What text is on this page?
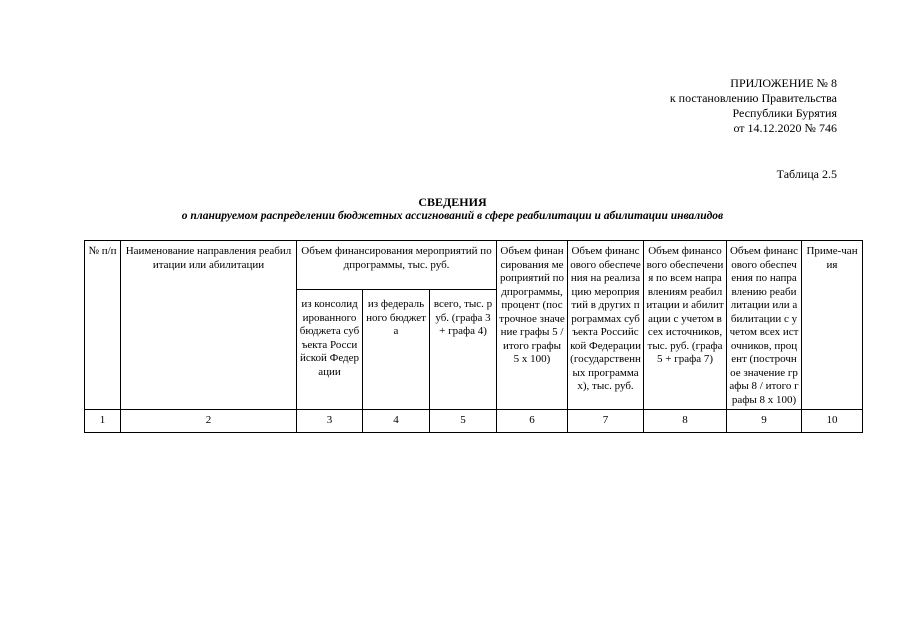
ПРИЛОЖЕНИЕ № 8
к постановлению Правительства
Республики Бурятия
от 14.12.2020 № 746
Таблица 2.5
СВЕДЕНИЯ
о планируемом распределении бюджетных ассигнований в сфере реабилитации и абилитации инвалидов
№ п/п	Наименование направления реабилитации или абилитации	Объем финансирования мероприятий подпрограммы, тыс. руб.			Объем финансирования мероприятий подпрограммы, процент (построчное значение графы 5 / итого графы 5 x 100)	Объем финансового обеспечения на реализацию мероприятий в других программах субъекта Российской Федерации (государственных программах), тыс. руб.	Объем финансового обеспечения по всем направлениям реабилитации и абилитации с учетом всех источников, тыс. руб. (графа 5 + графа 7)	Объем финансового обеспечения по направлению реабилитации или абилитации с учетом всех источников, процент (построчное значение графы 8 / итого графы 8 x 100)	Приме-чания
		из консолидированного бюджета субъекта Российской Федерации	из федерального бюджета	всего, тыс. руб. (графа 3 + графа 4)					
1	2	3	4	5	6	7	8	9	10
